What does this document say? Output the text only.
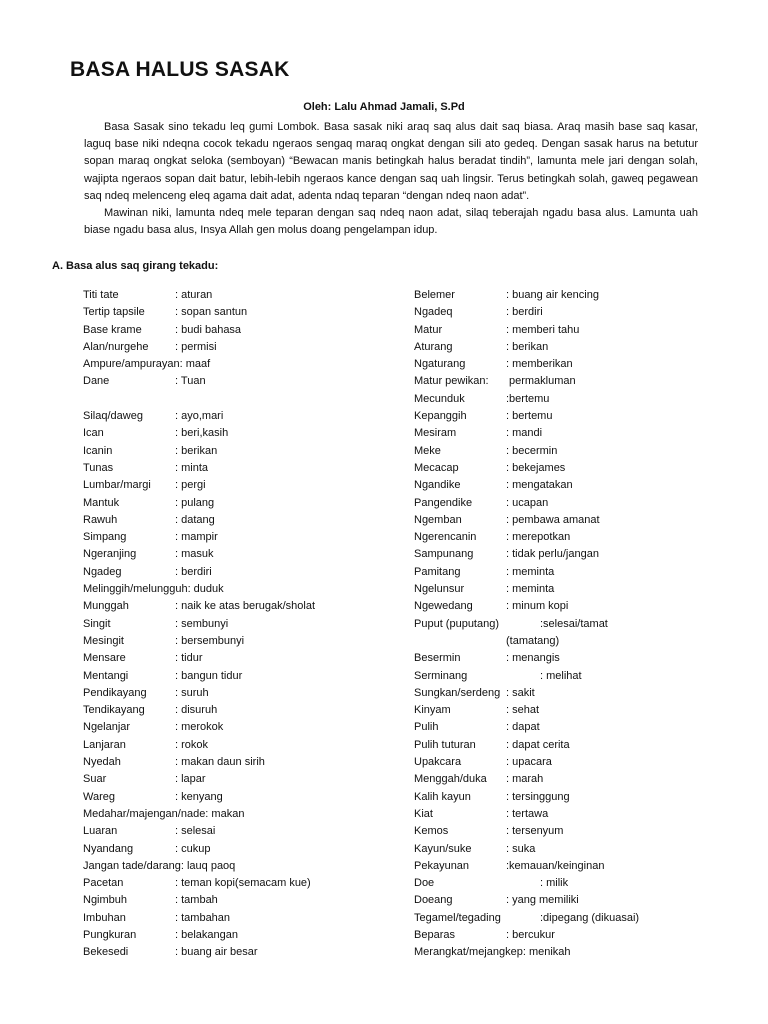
BASA HALUS SASAK
Oleh: Lalu Ahmad Jamali, S.Pd

Basa Sasak sino tekadu leq gumi Lombok. Basa sasak niki araq saq alus dait saq biasa. Araq masih base saq kasar, laguq base niki ndeqna cocok tekadu ngeraos sengaq maraq ongkat dengan sili ato gedeq. Dengan sasak harus na betutur sopan maraq ongkat seloka (semboyan) “Bewacan manis betingkah halus beradat tindih”, lamunta mele jari dengan solah, wajipta ngeraos sopan dait batur, lebih-lebih ngeraos kance dengan saq uah lingsir. Terus betingkah solah, gaweq pegawean saq ndeq melenceng eleq agama dait adat, adenta ndaq teparan “dengan ndeq naon adat”.

Mawinan niki, lamunta ndeq mele teparan dengan saq ndeq naon adat, silaq teberajah ngadu basa alus. Lamunta uah biase ngadu basa alus, Insya Allah gen molus doang pengelampan idup.

A. Basa alus saq girang tekadu:
Titi tate	: aturan
Tertip tapsile	: sopan santun
Base krame	: budi bahasa
Alan/nurgehe : permisi
Ampure/ampurayan: maaf
Dane	: Tuan
Silaq/daweg	: ayo,mari
Ican	: beri,kasih
Icanin	: berikan
Tunas	: minta
Lumbar/margi : pergi
Mantuk	: pulang
Rawuh	: datang
Simpang	: mampir
Ngeranjing	: masuk
Ngadeg	: berdiri
Melinggih/melungguh: duduk
Munggah	: naik ke atas berugak/sholat
Singit	: sembunyi
Mesingit	: bersembunyi
Mensare	: tidur
Mentangi	: bangun tidur
Pendikayang	: suruh
Tendikayang	: disuruh
Ngelanjar	: merokok
Lanjaran	: rokok
Nyedah	: makan daun sirih
Suar	: lapar
Wareg	: kenyang
Medahar/majengan/nade: makan
Luaran	: selesai
Nyandang	: cukup
Jangan tade/darang: lauq paoq
Pacetan	: teman kopi(semacam kue)
Ngimbuh	: tambah
Imbuhan	: tambahan
Pungkuran	: belakangan
Bekesedi	: buang air besar
Belemer	: buang air kencing
Ngadeq	: berdiri
Matur	: memberi tahu
Aturang	: berikan
Ngaturang	: memberikan
Matur pewikan: permakluman
Mecunduk	:bertemu
Kepanggih	: bertemu
Mesiram	: mandi
Meke	: becermin
Mecacap	: bekejames
Ngandike	: mengatakan
Pangendike	: ucapan
Ngemban	: pembawa amanat
Ngerencanin	: merepotkan
Sampunang	: tidak perlu/jangan
Pamitang	: meminta
Ngelunsur	: meminta
Ngewedang	: minum kopi
Puput (puputang)	:selesai/tamat
(tamatang)
Besermin	: menangis
Serminang	: melihat
Sungkan/serdeng : sakit
Kinyam	: sehat
Pulih	: dapat
Pulih tuturan	: dapat cerita
Upakcara	: upacara
Menggah/duka : marah
Kalih kayun	: tersinggung
Kiat	: tertawa
Kemos	: tersenyum
Kayun/suke	: suka
Pekayunan	:kemauan/keinginan
Doe	: milik
Doeang	: yang memiliki
Tegamel/tegading	:dipegang (dikuasai)
Beparas	: bercukur
Merangkat/mejangkep: menikah
